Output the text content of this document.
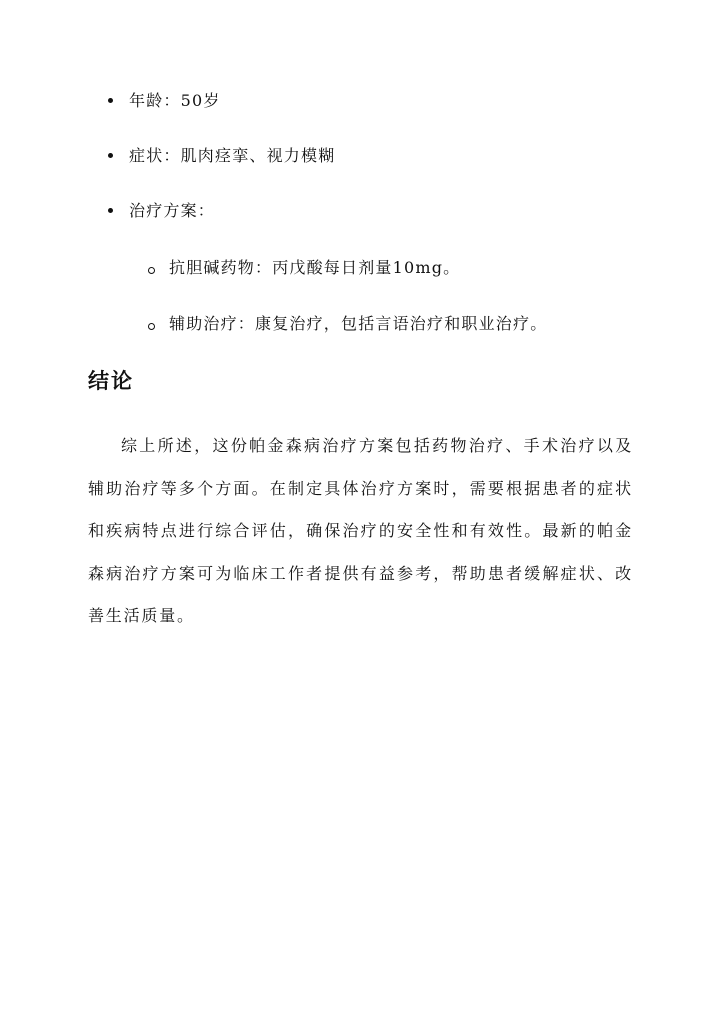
年龄：50岁
症状：肌肉痉挛、视力模糊
治疗方案：
抗胆碱药物：丙戊酸每日剂量10mg。
辅助治疗：康复治疗，包括言语治疗和职业治疗。
结论

综上所述，这份帕金森病治疗方案包括药物治疗、手术治疗以及辅助治疗等多个方面。在制定具体治疗方案时，需要根据患者的症状和疾病特点进行综合评估，确保治疗的安全性和有效性。最新的帕金森病治疗方案可为临床工作者提供有益参考，帮助患者缓解症状、改善生活质量。
